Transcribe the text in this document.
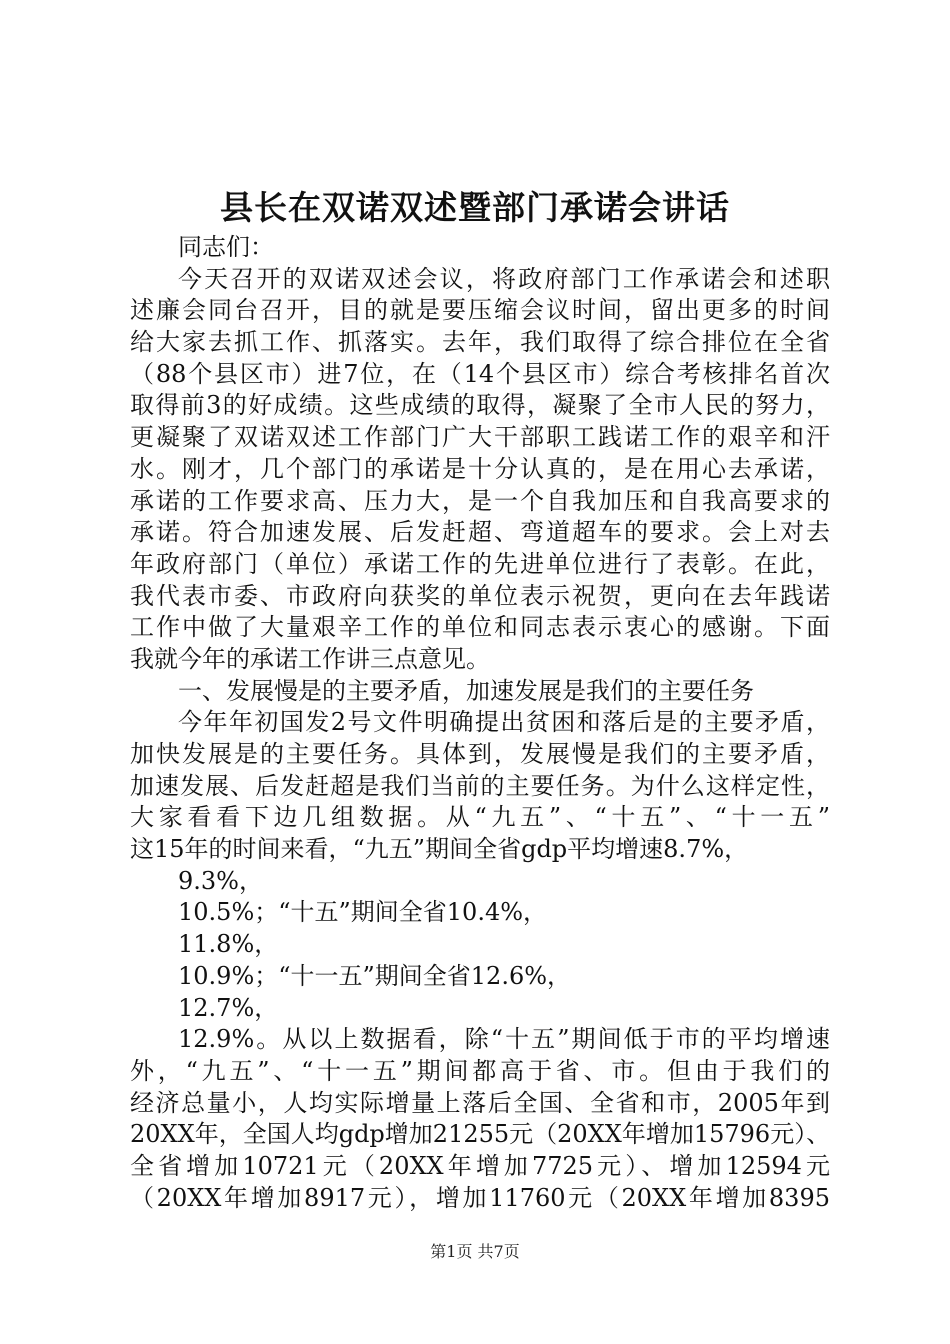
县长在双诺双述暨部门承诺会讲话
同志们：
今天召开的双诺双述会议，将政府部门工作承诺会和述职
述廉会同台召开，目的就是要压缩会议时间，留出更多的时间
给大家去抓工作、抓落实。去年，我们取得了综合排位在全省
（88个县区市）进7位，在（14个县区市）综合考核排名首次
取得前3的好成绩。这些成绩的取得，凝聚了全市人民的努力，
更凝聚了双诺双述工作部门广大干部职工践诺工作的艰辛和汗
水。刚才，几个部门的承诺是十分认真的，是在用心去承诺，
承诺的工作要求高、压力大，是一个自我加压和自我高要求的
承诺。符合加速发展、后发赶超、弯道超车的要求。会上对去
年政府部门（单位）承诺工作的先进单位进行了表彰。在此，
我代表市委、市政府向获奖的单位表示祝贺，更向在去年践诺
工作中做了大量艰辛工作的单位和同志表示衷心的感谢。下面
我就今年的承诺工作讲三点意见。
一、发展慢是的主要矛盾，加速发展是我们的主要任务
今年年初国发2号文件明确提出贫困和落后是的主要矛盾，
加快发展是的主要任务。具体到，发展慢是我们的主要矛盾，
加速发展、后发赶超是我们当前的主要任务。为什么这样定性，
大家看看下边几组数据。从“九五”、“十五”、“十一五”
这15年的时间来看，“九五”期间全省gdp平均增速8.7%，
9.3%，
10.5%；“十五”期间全省10.4%，
11.8%，
10.9%；“十一五”期间全省12.6%，
12.7%，
12.9%。从以上数据看，除“十五”期间低于市的平均增速
外，“九五”、“十一五”期间都高于省、市。但由于我们的
经济总量小，人均实际增量上落后全国、全省和市，2005年到
20XX年，全国人均gdp增加21255元（20XX年增加15796元）、
全省增加10721元（20XX年增加7725元）、增加12594元
（20XX年增加8917元），增加11760元（20XX年增加8395
第1页 共7页
